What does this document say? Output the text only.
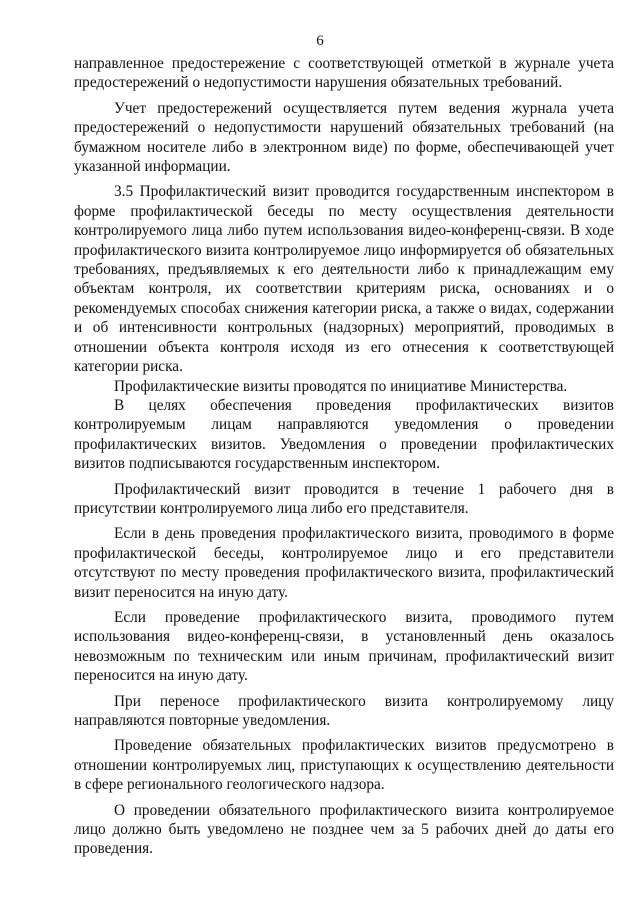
6

направленное предостережение с соответствующей отметкой в журнале учета предостережений о недопустимости нарушения обязательных требований.

Учет предостережений осуществляется путем ведения журнала учета предостережений о недопустимости нарушений обязательных требований (на бумажном носителе либо в электронном виде) по форме, обеспечивающей учет указанной информации.

3.5 Профилактический визит проводится государственным инспектором в форме профилактической беседы по месту осуществления деятельности контролируемого лица либо путем использования видео-конференц-связи. В ходе профилактического визита контролируемое лицо информируется об обязательных требованиях, предъявляемых к его деятельности либо к принадлежащим ему объектам контроля, их соответствии критериям риска, основаниях и о рекомендуемых способах снижения категории риска, а также о видах, содержании и об интенсивности контрольных (надзорных) мероприятий, проводимых в отношении объекта контроля исходя из его отнесения к соответствующей категории риска.

Профилактические визиты проводятся по инициативе Министерства.

В целях обеспечения проведения профилактических визитов контролируемым лицам направляются уведомления о проведении профилактических визитов. Уведомления о проведении профилактических визитов подписываются государственным инспектором.

Профилактический визит проводится в течение 1 рабочего дня в присутствии контролируемого лица либо его представителя.

Если в день проведения профилактического визита, проводимого в форме профилактической беседы, контролируемое лицо и его представители отсутствуют по месту проведения профилактического визита, профилактический визит переносится на иную дату.

Если проведение профилактического визита, проводимого путем использования видео-конференц-связи, в установленный день оказалось невозможным по техническим или иным причинам, профилактический визит переносится на иную дату.

При переносе профилактического визита контролируемому лицу направляются повторные уведомления.

Проведение обязательных профилактических визитов предусмотрено в отношении контролируемых лиц, приступающих к осуществлению деятельности в сфере регионального геологического надзора.

О проведении обязательного профилактического визита контролируемое лицо должно быть уведомлено не позднее чем за 5 рабочих дней до даты его проведения.
